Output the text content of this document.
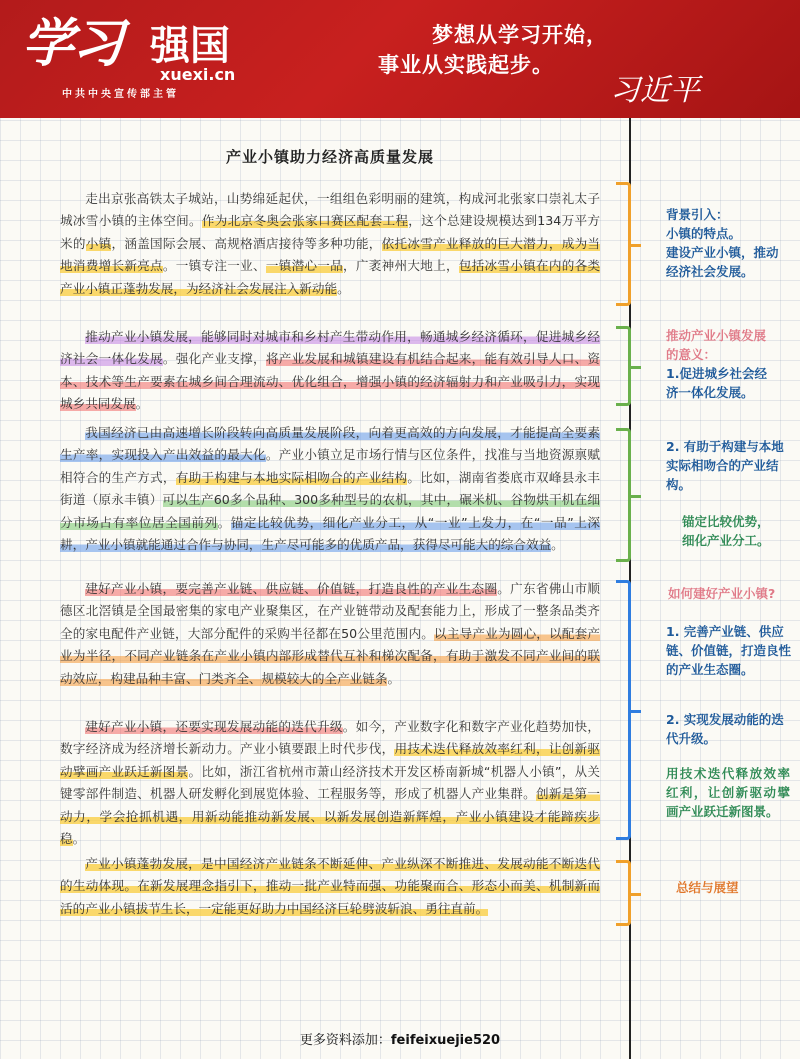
学习 强国
xuexi.cn
中共中央宣传部主管
梦想从学习开始，
事业从实践起步。
习近平
产业小镇助力经济高质量发展

走出京张高铁太子城站，山势绵延起伏，一组组色彩明丽的建筑，构成河北张家口崇礼太子城冰雪小镇的主体空间。作为北京冬奥会张家口赛区配套工程，这个总建设规模达到134万平方米的小镇，涵盖国际会展、高规格酒店接待等多种功能，依托冰雪产业释放的巨大潜力，成为当地消费增长新亮点。一镇专注一业、一镇潜心一品，广袤神州大地上，包括冰雪小镇在内的各类产业小镇正蓬勃发展，为经济社会发展注入新动能。

推动产业小镇发展，能够同时对城市和乡村产生带动作用，畅通城乡经济循环，促进城乡经济社会一体化发展。强化产业支撑，将产业发展和城镇建设有机结合起来，能有效引导人口、资本、技术等生产要素在城乡间合理流动、优化组合，增强小镇的经济辐射力和产业吸引力，实现城乡共同发展。

我国经济已由高速增长阶段转向高质量发展阶段，向着更高效的方向发展，才能提高全要素生产率，实现投入产出效益的最大化。产业小镇立足市场行情与区位条件，找准与当地资源禀赋相符合的生产方式，有助于构建与本地实际相吻合的产业结构。比如，湖南省娄底市双峰县永丰街道（原永丰镇）可以生产60多个品种、300多种型号的农机，其中，碾米机、谷物烘干机在细分市场占有率位居全国前列。锚定比较优势，细化产业分工，从“一业”上发力，在“一品”上深耕，产业小镇就能通过合作与协同，生产尽可能多的优质产品，获得尽可能大的综合效益。

建好产业小镇，要完善产业链、供应链、价值链，打造良性的产业生态圈。广东省佛山市顺德区北滘镇是全国最密集的家电产业聚集区，在产业链带动及配套能力上，形成了一整条品类齐全的家电配件产业链，大部分配件的采购半径都在50公里范围内。以主导产业为圆心，以配套产业为半径，不同产业链条在产业小镇内部形成替代互补和梯次配备，有助于激发不同产业间的联动效应，构建品种丰富、门类齐全、规模较大的全产业链条。

建好产业小镇，还要实现发展动能的迭代升级。如今，产业数字化和数字产业化趋势加快，数字经济成为经济增长新动力。产业小镇要跟上时代步伐，用技术迭代释放效率红利，让创新驱动擘画产业跃迁新图景。比如，浙江省杭州市萧山经济技术开发区桥南新城“机器人小镇”，从关键零部件制造、机器人研发孵化到展览体验、工程服务等，形成了机器人产业集群。创新是第一动力，学会抢抓机遇，用新动能推动新发展、以新发展创造新辉煌，产业小镇建设才能蹄疾步稳。

产业小镇蓬勃发展，是中国经济产业链条不断延伸、产业纵深不断推进、发展动能不断迭代的生动体现。在新发展理念指引下，推动一批产业特而强、功能聚而合、形态小而美、机制新而活的产业小镇拔节生长，一定能更好助力中国经济巨轮劈波斩浪、勇往直前。

背景引入：
小镇的特点。
建设产业小镇，推动经济社会发展。

推动产业小镇发展
的意义：

1.促进城乡社会经济一体化发展。

2. 有助于构建与本地实际相吻合的产业结构。

锚定比较优势，
细化产业分工。

如何建好产业小镇?

1. 完善产业链、供应链、价值链，打造良性的产业生态圈。

2. 实现发展动能的迭代升级。

用技术迭代释放效率红利，让创新驱动擘画产业跃迁新图景。

总结与展望

更多资料添加：feifeixuejie520
